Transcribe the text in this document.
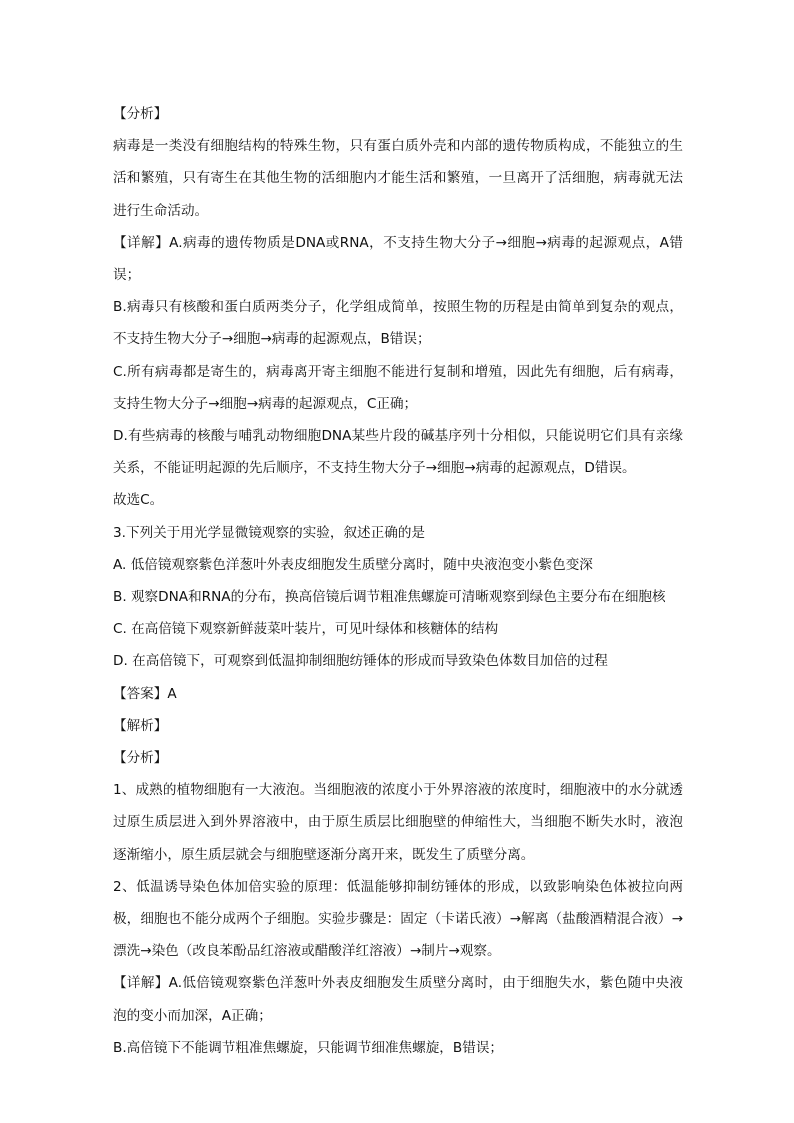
【分析】

病毒是一类没有细胞结构的特殊生物，只有蛋白质外壳和内部的遗传物质构成，不能独立的生活和繁殖，只有寄生在其他生物的活细胞内才能生活和繁殖，一旦离开了活细胞，病毒就无法进行生命活动。

【详解】A.病毒的遗传物质是DNA或RNA，不支持生物大分子→细胞→病毒的起源观点，A错误；

B.病毒只有核酸和蛋白质两类分子，化学组成简单，按照生物的历程是由简单到复杂的观点，不支持生物大分子→细胞→病毒的起源观点，B错误；

C.所有病毒都是寄生的，病毒离开寄主细胞不能进行复制和增殖，因此先有细胞，后有病毒，支持生物大分子→细胞→病毒的起源观点，C正确；

D.有些病毒的核酸与哺乳动物细胞DNA某些片段的碱基序列十分相似，只能说明它们具有亲缘关系，不能证明起源的先后顺序，不支持生物大分子→细胞→病毒的起源观点，D错误。

故选C。

3.下列关于用光学显微镜观察的实验，叙述正确的是

A. 低倍镜观察紫色洋葱叶外表皮细胞发生质壁分离时，随中央液泡变小紫色变深

B. 观察DNA和RNA的分布，换高倍镜后调节粗准焦螺旋可清晰观察到绿色主要分布在细胞核

C. 在高倍镜下观察新鲜菠菜叶装片，可见叶绿体和核糖体的结构

D. 在高倍镜下，可观察到低温抑制细胞纺锤体的形成而导致染色体数目加倍的过程

【答案】A

【解析】

【分析】

1、成熟的植物细胞有一大液泡。当细胞液的浓度小于外界溶液的浓度时，细胞液中的水分就透过原生质层进入到外界溶液中，由于原生质层比细胞壁的伸缩性大，当细胞不断失水时，液泡逐渐缩小，原生质层就会与细胞壁逐渐分离开来，既发生了质壁分离。

2、低温诱导染色体加倍实验的原理：低温能够抑制纺锤体的形成，以致影响染色体被拉向两极，细胞也不能分成两个子细胞。实验步骤是：固定（卡诺氏液）→解离（盐酸酒精混合液）→漂洗→染色（改良苯酚品红溶液或醋酸洋红溶液）→制片→观察。

【详解】A.低倍镜观察紫色洋葱叶外表皮细胞发生质壁分离时，由于细胞失水，紫色随中央液泡的变小而加深，A正确；

B.高倍镜下不能调节粗准焦螺旋，只能调节细准焦螺旋，B错误；
